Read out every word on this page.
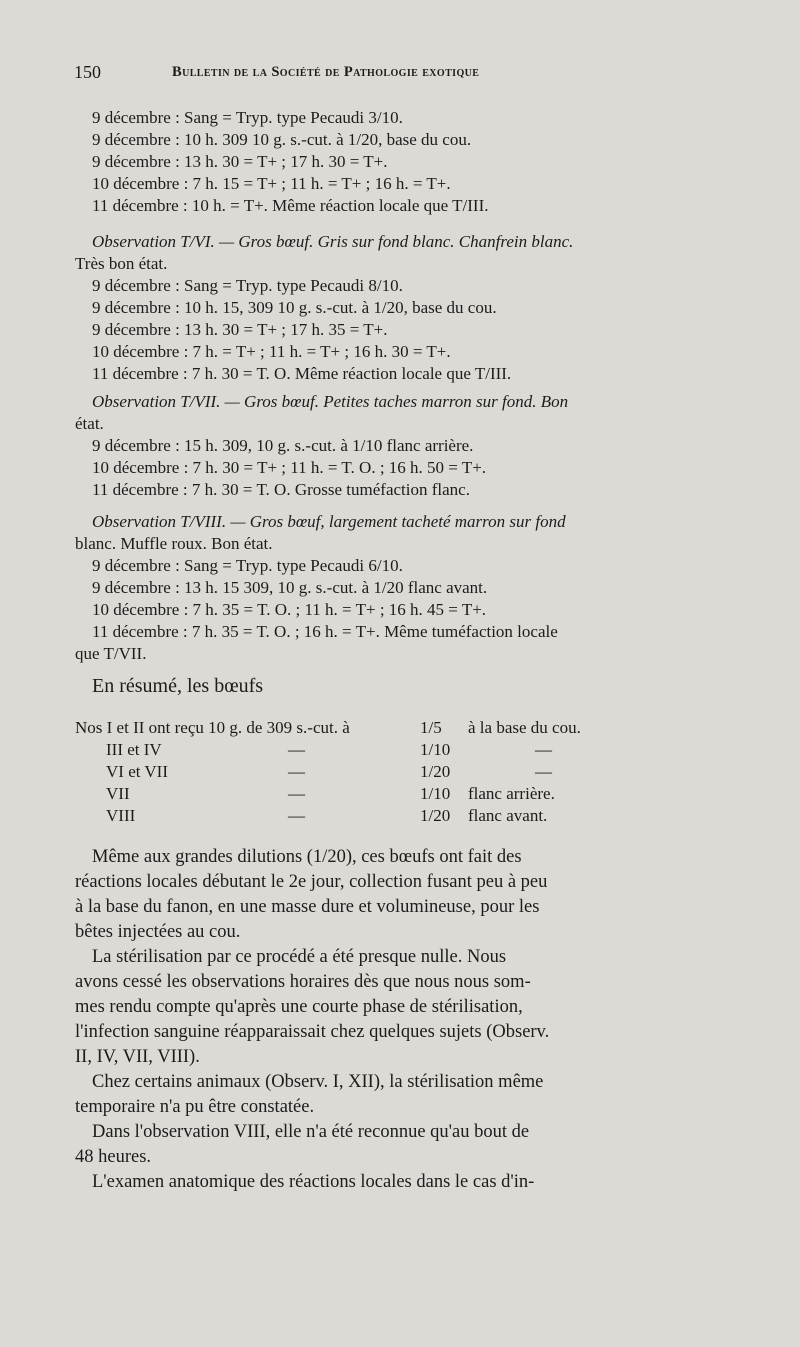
150	Bulletin de la Société de Pathologie exotique
9 décembre : Sang = Tryp. type Pecaudi 3/10.
9 décembre : 10 h. 309 10 g. s.-cut. à 1/20, base du cou.
9 décembre : 13 h. 30 = T+ ; 17 h. 30 = T+.
10 décembre : 7 h. 15 = T+ ; 11 h. = T+ ; 16 h. = T+.
11 décembre : 10 h. = T+. Même réaction locale que T/III.
Observation T/VI. — Gros bœuf. Gris sur fond blanc. Chanfrein blanc.
Très bon état.
9 décembre : Sang = Tryp. type Pecaudi 8/10.
9 décembre : 10 h. 15, 309 10 g. s.-cut. à 1/20, base du cou.
9 décembre : 13 h. 30 = T+ ; 17 h. 35 = T+.
10 décembre : 7 h. = T+ ; 11 h. = T+ ; 16 h. 30 = T+.
11 décembre : 7 h. 30 = T. O. Même réaction locale que T/III.
Observation T/VII. — Gros bœuf. Petites taches marron sur fond. Bon
état.
9 décembre : 15 h. 309, 10 g. s.-cut. à 1/10 flanc arrière.
10 décembre : 7 h. 30 = T+ ; 11 h. = T. O. ; 16 h. 50 = T+.
11 décembre : 7 h. 30 = T. O. Grosse tuméfaction flanc.
Observation T/VIII. — Gros bœuf, largement tacheté marron sur fond
blanc. Muffle roux. Bon état.
9 décembre : Sang = Tryp. type Pecaudi 6/10.
9 décembre : 13 h. 15 309, 10 g. s.-cut. à 1/20 flanc avant.
10 décembre : 7 h. 35 = T. O. ; 11 h. = T+ ; 16 h. 45 = T+.
11 décembre : 7 h. 35 = T. O. ; 16 h. = T+. Même tuméfaction locale
que T/VII.
En résumé, les bœufs
Nos I et II ont reçu 10 g. de 309 s.-cut. à	1/5 à la base du cou.
III et IV	—	1/10	—
VI et VII	—	1/20	—
VII	—	1/10 flanc arrière.
VIII	—	1/20 flanc avant.
Même aux grandes dilutions (1/20), ces bœufs ont fait des
réactions locales débutant le 2e jour, collection fusant peu à peu
à la base du fanon, en une masse dure et volumineuse, pour les
bêtes injectées au cou.
La stérilisation par ce procédé a été presque nulle. Nous
avons cessé les observations horaires dès que nous nous som-
mes rendu compte qu'après une courte phase de stérilisation,
l'infection sanguine réapparaissait chez quelques sujets (Observ.
II, IV, VII, VIII).
Chez certains animaux (Observ. I, XII), la stérilisation même
temporaire n'a pu être constatée.
Dans l'observation VIII, elle n'a été reconnue qu'au bout de
48 heures.
L'examen anatomique des réactions locales dans le cas d'in-
